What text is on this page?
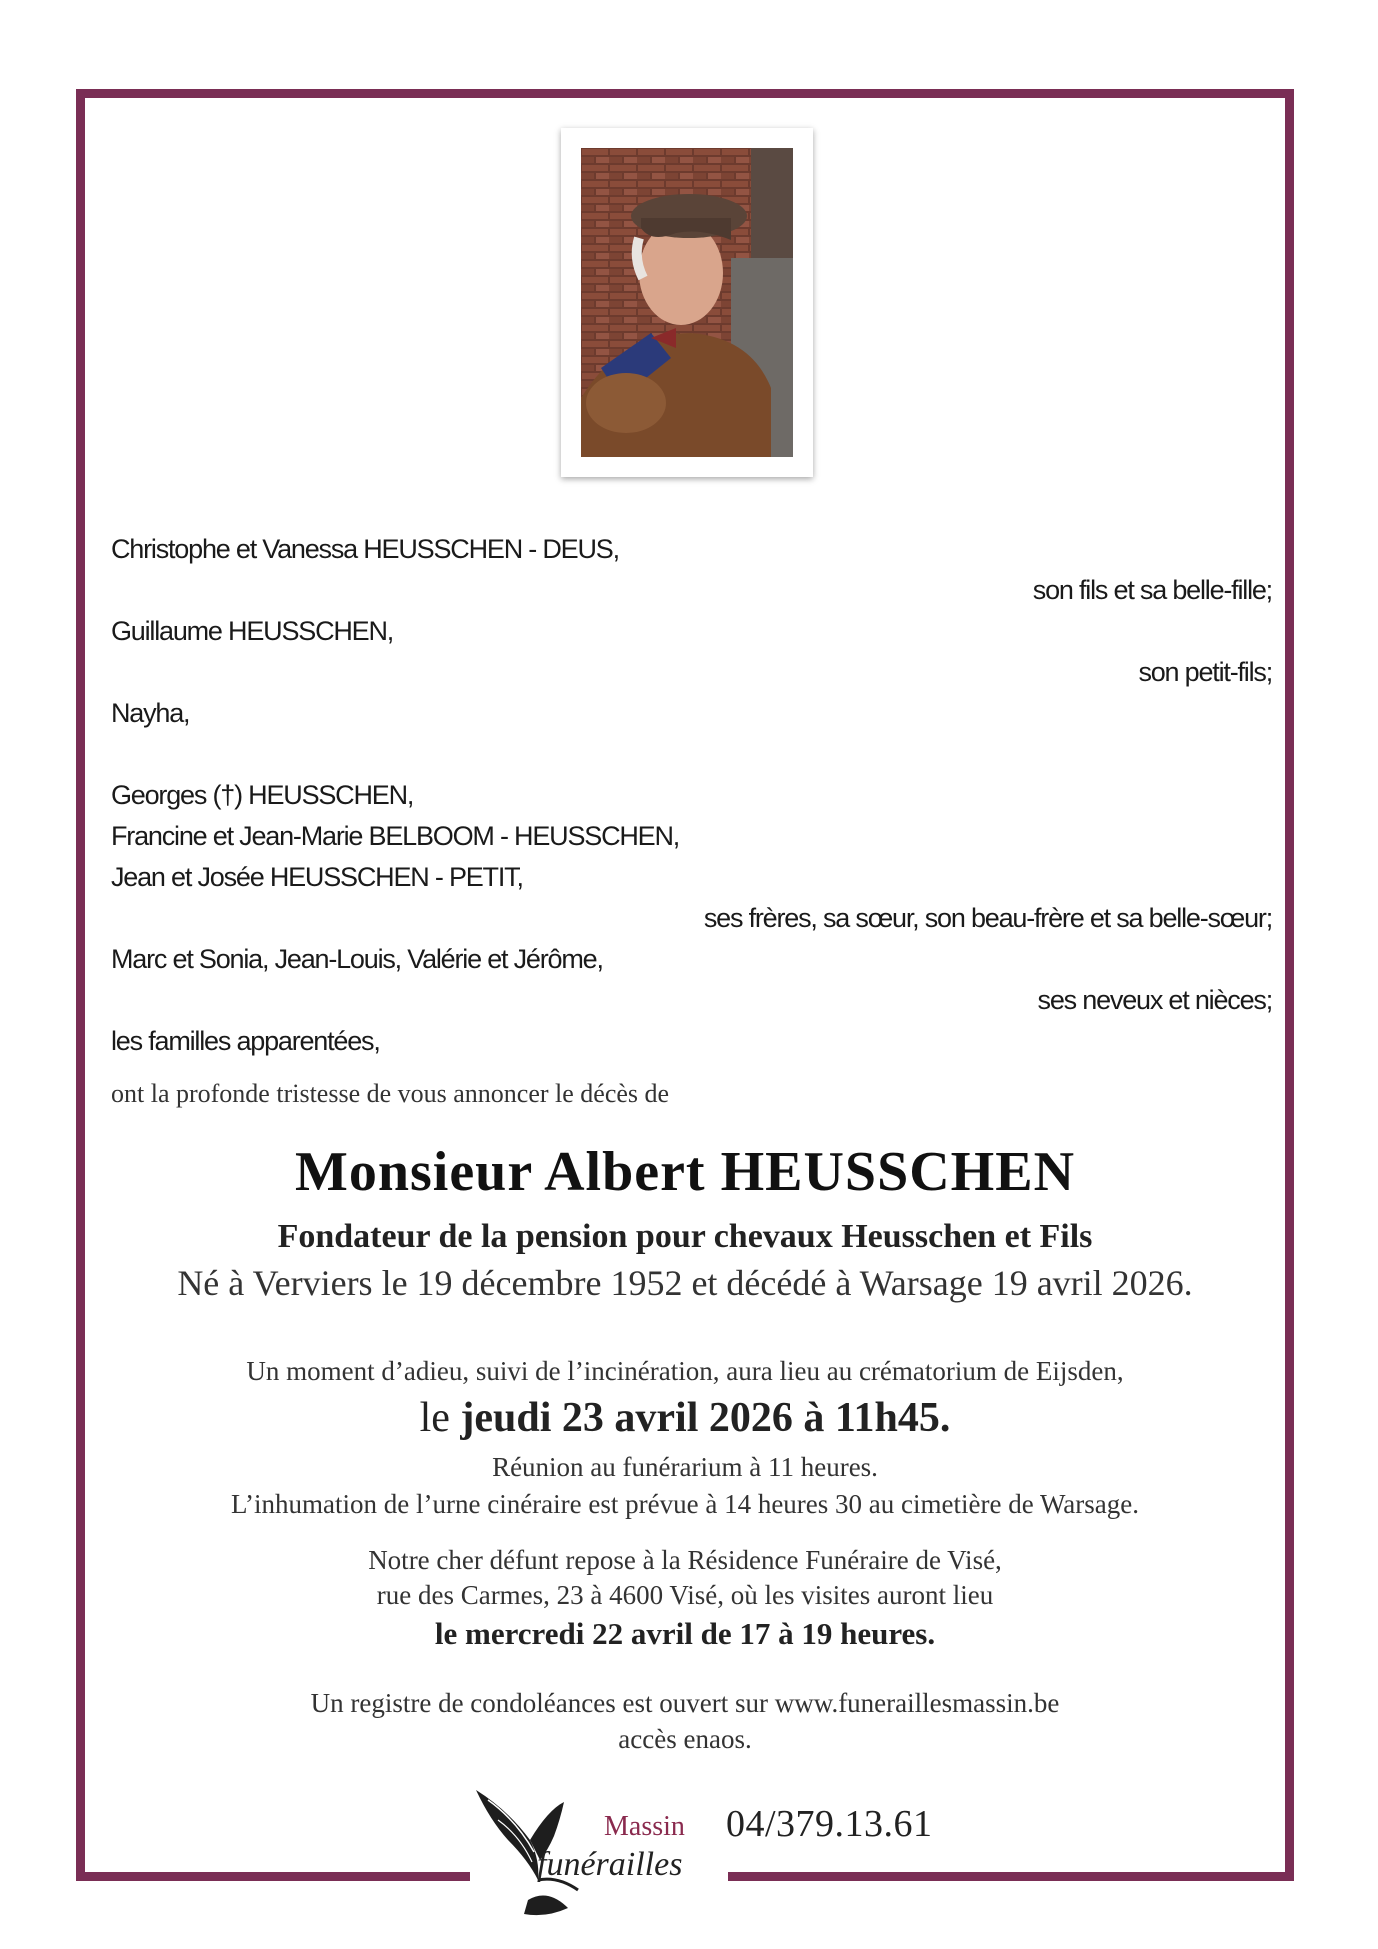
Christophe et Vanessa HEUSSCHEN - DEUS,
son fils et sa belle-fille;
Guillaume HEUSSCHEN,
son petit-fils;
Nayha,
Georges (†) HEUSSCHEN,
Francine et Jean-Marie BELBOOM - HEUSSCHEN,
Jean et Josée HEUSSCHEN - PETIT,
ses frères, sa sœur, son beau-frère et sa belle-sœur;
Marc et Sonia, Jean-Louis, Valérie et Jérôme,
ses neveux et nièces;
les familles apparentées,
ont la profonde tristesse de vous annoncer le décès de
Monsieur Albert HEUSSCHEN
Fondateur de la pension pour chevaux Heusschen et Fils
Né à Verviers le 19 décembre 1952 et décédé à Warsage 19 avril 2026.
Un moment d’adieu, suivi de l’incinération, aura lieu au crématorium de Eijsden,
le jeudi 23 avril 2026 à 11h45.
Réunion au funérarium à 11 heures.
L’inhumation de l’urne cinéraire est prévue à 14 heures 30 au cimetière de Warsage.
Notre cher défunt repose à la Résidence Funéraire de Visé,
rue des Carmes, 23 à 4600 Visé, où les visites auront lieu
le mercredi 22 avril de 17 à 19 heures.
Un registre de condoléances est ouvert sur www.funeraillesmassin.be
accès enaos.
Massin
funérailles
04/379.13.61
